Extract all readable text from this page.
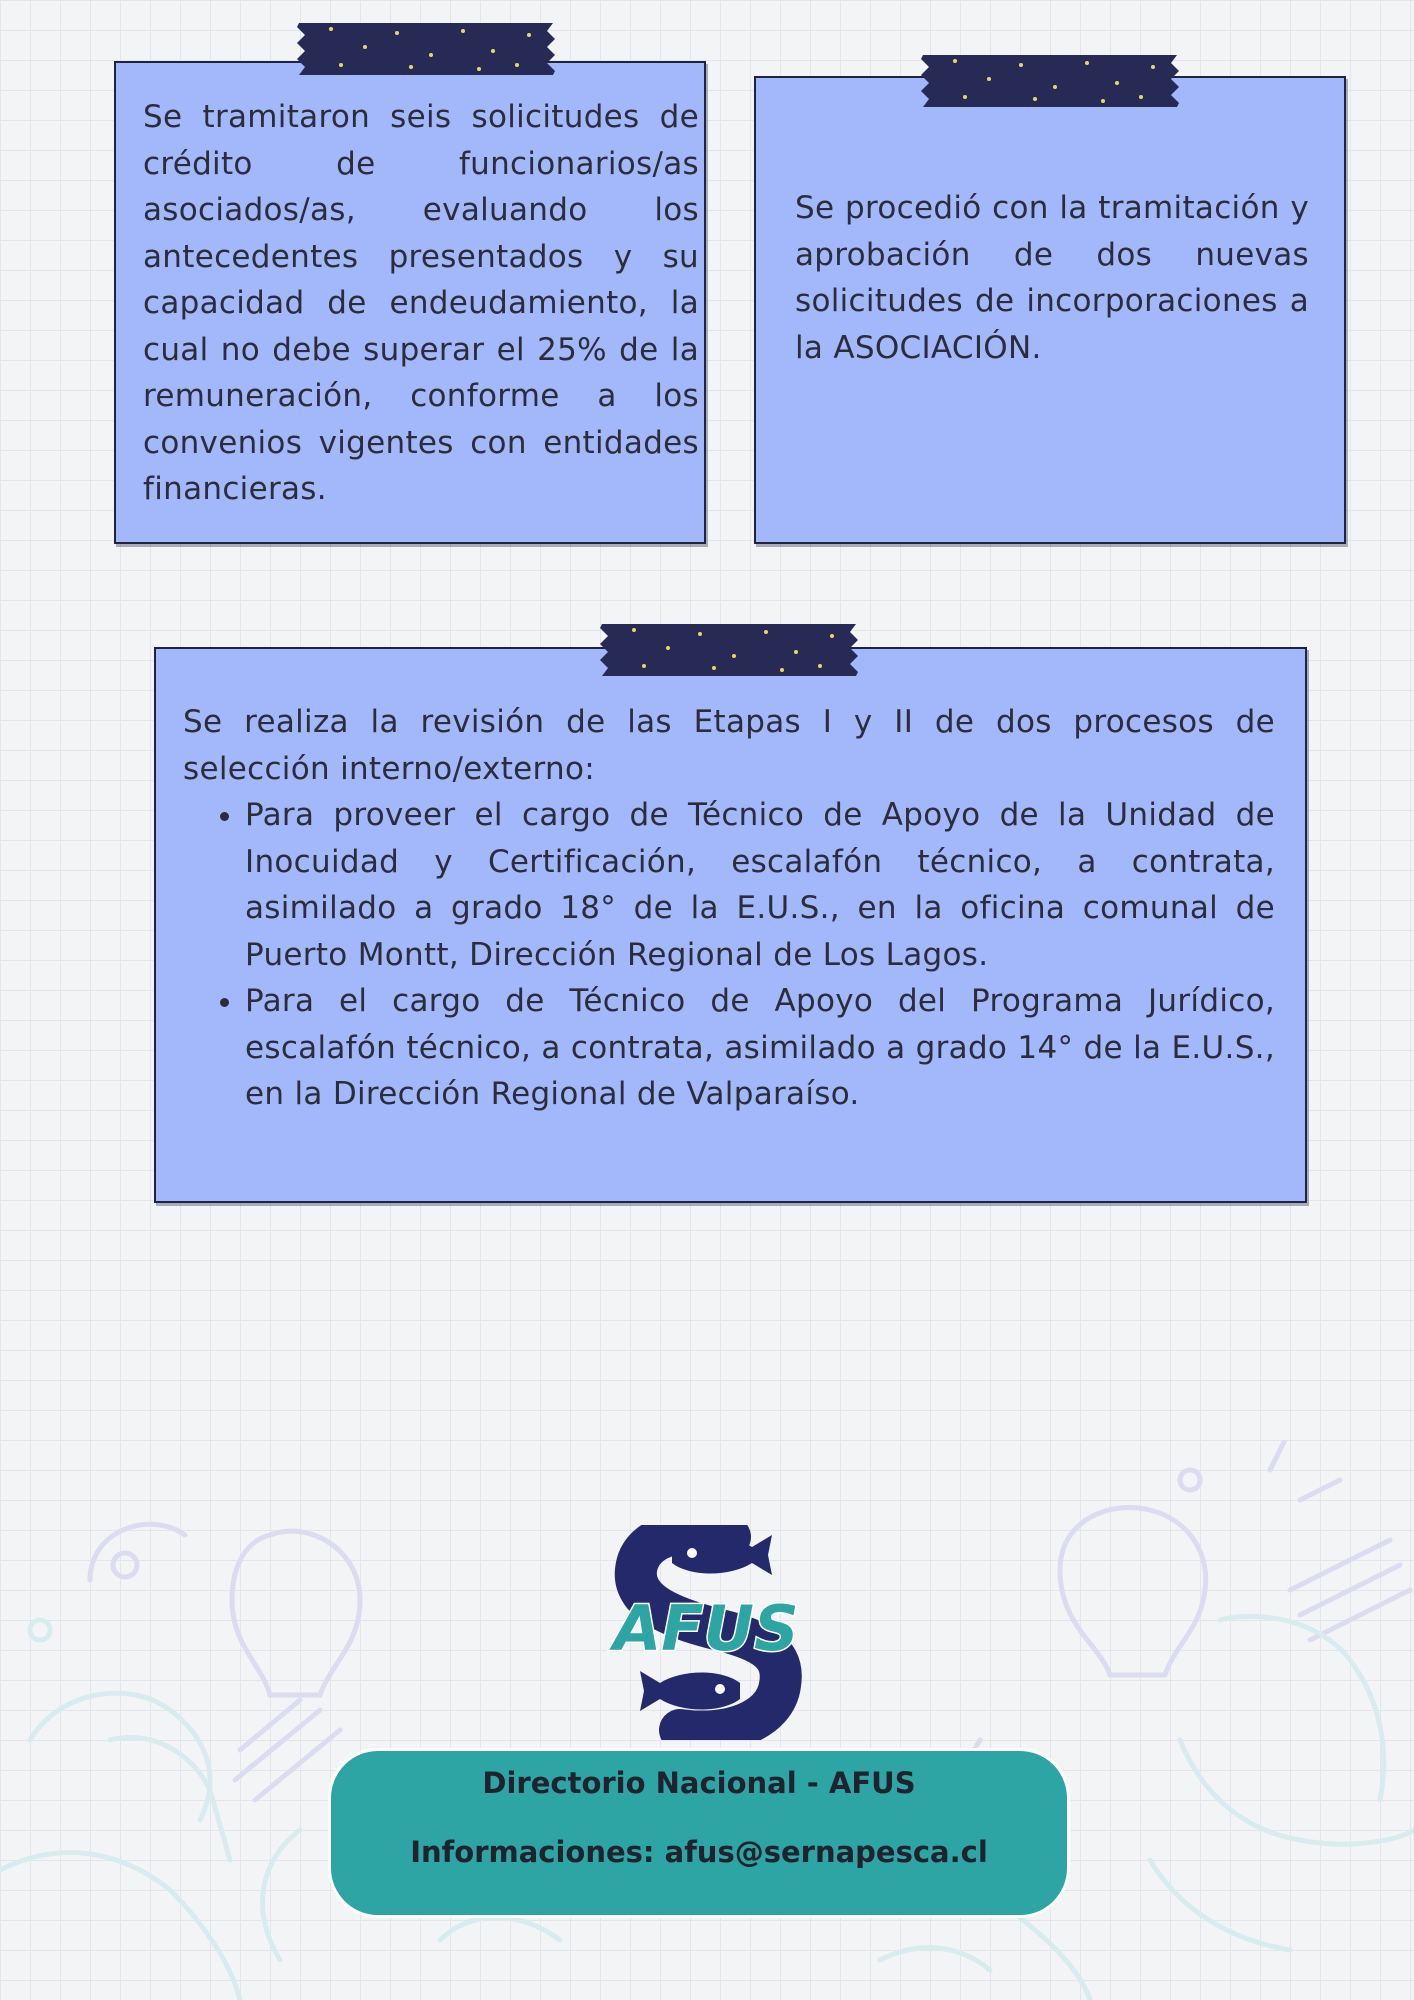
Se tramitaron seis solicitudes de crédito de funcionarios/as asociados/as, evaluando los antecedentes presentados y su capacidad de endeudamiento, la cual no debe superar el 25% de la remuneración, conforme a los convenios vigentes con entidades financieras.

Se procedió con la tramitación y aprobación de dos nuevas solicitudes de incorporaciones a la ASOCIACIÓN.

Se realiza la revisión de las Etapas I y II de dos procesos de selección interno/externo:

• Para proveer el cargo de Técnico de Apoyo de la Unidad de Inocuidad y Certificación, escalafón técnico, a contrata, asimilado a grado 18° de la E.U.S., en la oficina comunal de Puerto Montt, Dirección Regional de Los Lagos.
• Para el cargo de Técnico de Apoyo del Programa Jurídico, escalafón técnico, a contrata, asimilado a grado 14° de la E.U.S., en la Dirección Regional de Valparaíso.
AFUS
Directorio Nacional - AFUS
Informaciones: afus@sernapesca.cl
